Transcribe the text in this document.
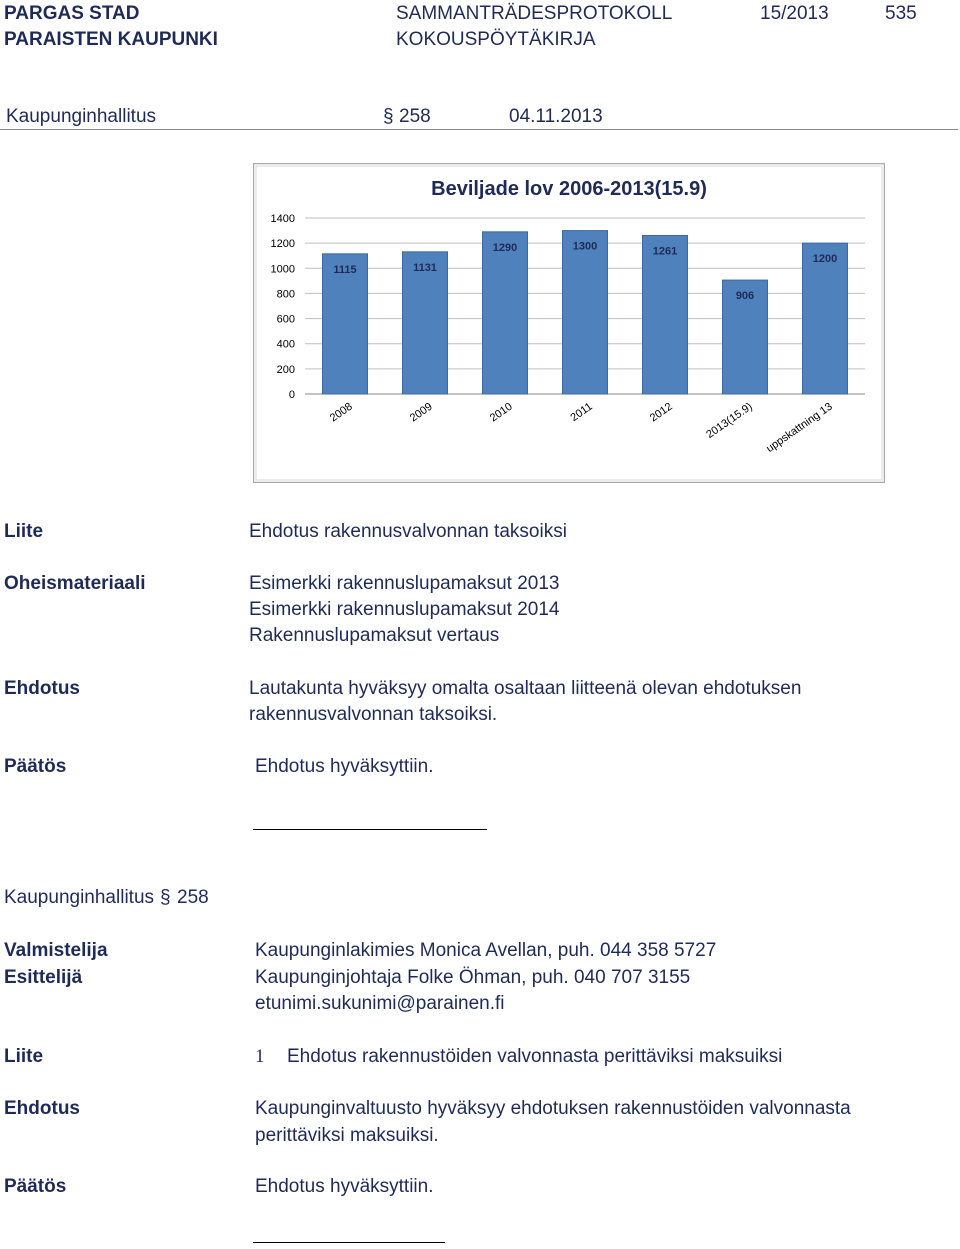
PARGAS STAD
PARAISTEN KAUPUNKI
SAMMANTRÄDESPROTOKOLL
KOKOUSPÖYTÄKIRJA
15/2013	535
Kaupunginhallitus	§ 258	04.11.2013
Beviljade lov 2006-2013(15.9)
0
200
400
600
800
1000
1200
1400
1115
2008
1131
2009
1290
2010
1300
2011
1261
2012
906
2013(15.9)
1200
uppskattning 13
Liite	Ehdotus rakennusvalvonnan taksoiksi
Oheismateriaali	Esimerkki rakennuslupamaksut 2013
Esimerkki rakennuslupamaksut 2014
Rakennuslupamaksut vertaus
Ehdotus	Lautakunta hyväksyy omalta osaltaan liitteenä olevan ehdotuksen
rakennusvalvonnan taksoiksi.
Päätös	Ehdotus hyväksyttiin.
Kaupunginhallitus § 258
Valmistelija	Kaupunginlakimies Monica Avellan, puh. 044 358 5727
Esittelijä	Kaupunginjohtaja Folke Öhman, puh. 040 707 3155
etunimi.sukunimi@parainen.fi
Liite	1 Ehdotus rakennustöiden valvonnasta perittäviksi maksuiksi
Ehdotus	Kaupunginvaltuusto hyväksyy ehdotuksen rakennustöiden valvonnasta
perittäviksi maksuiksi.
Päätös	Ehdotus hyväksyttiin.
